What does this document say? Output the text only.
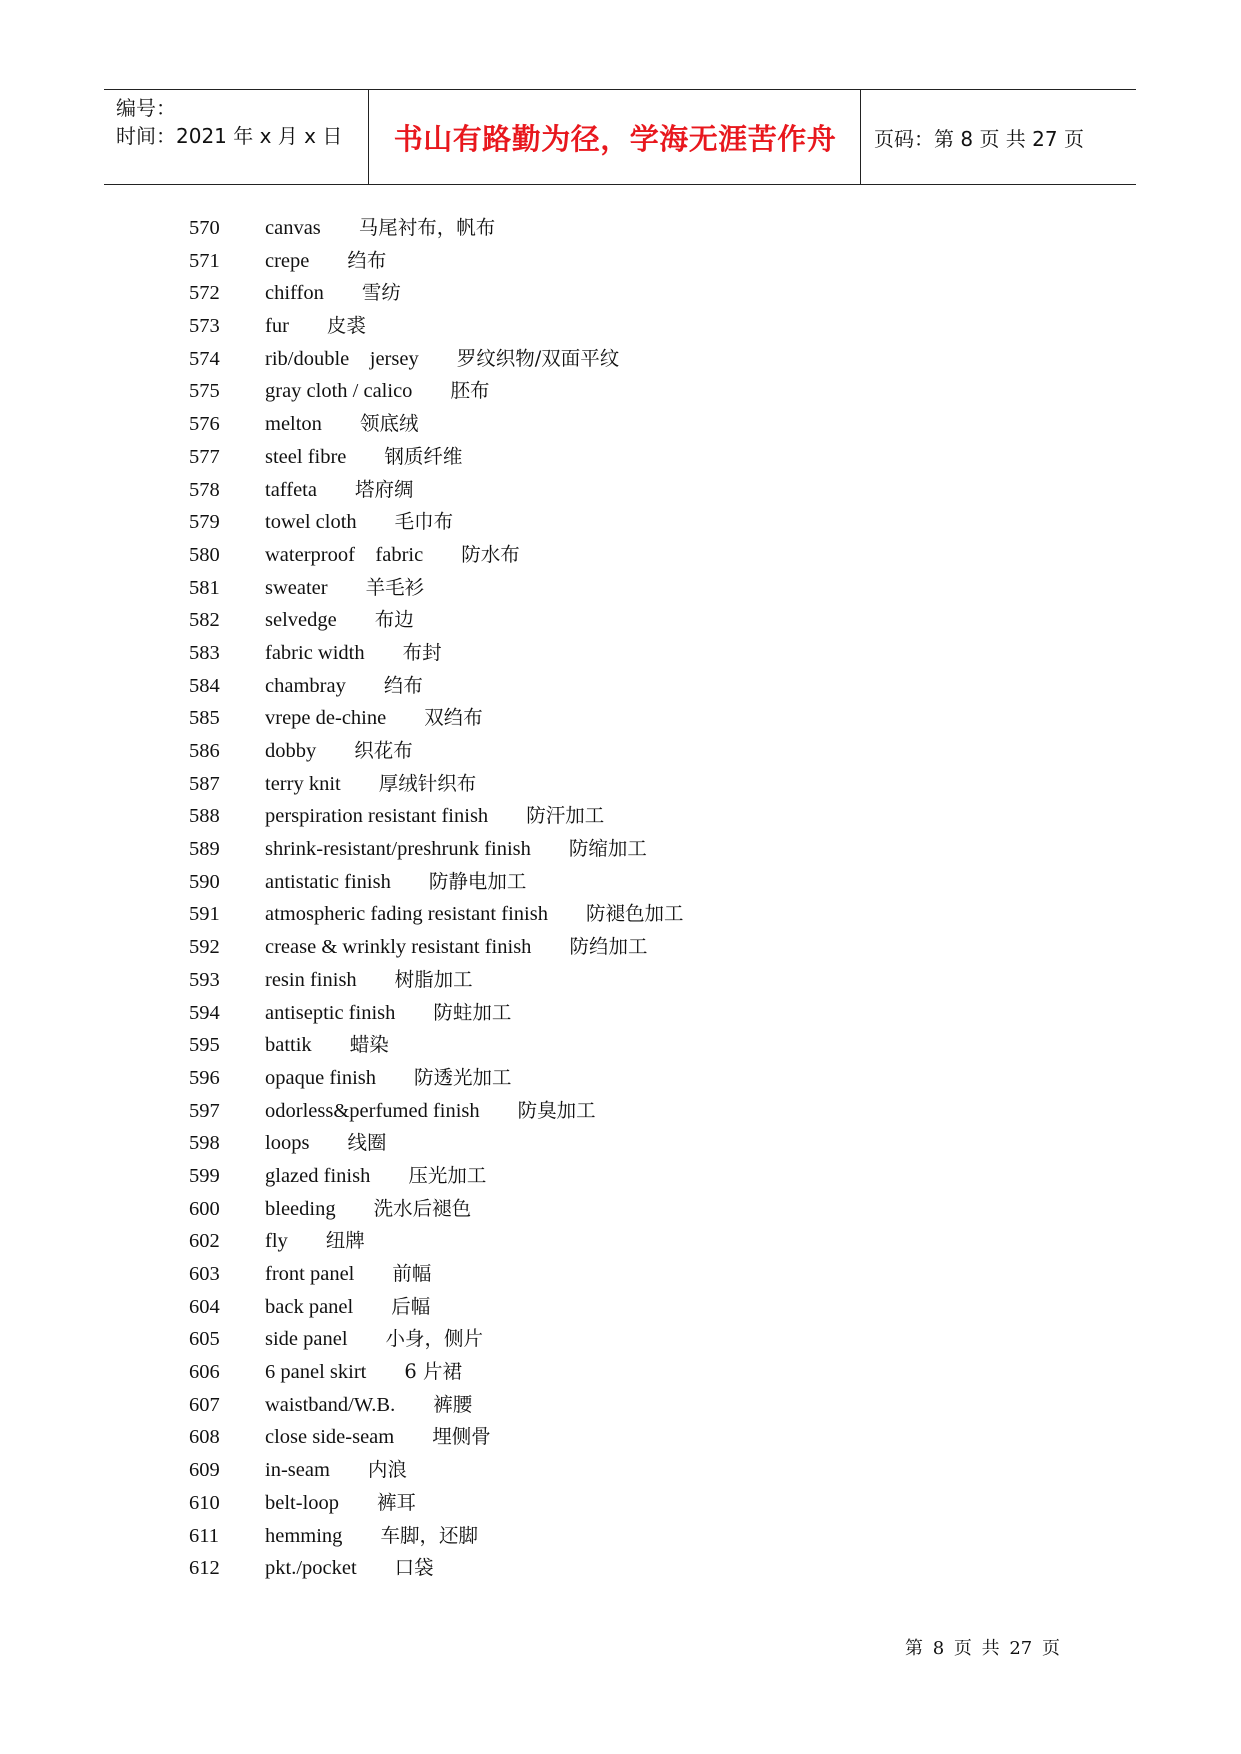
编号：
时间：2021 年 x 月 x 日	书山有路勤为径，学海无涯苦作舟	页码：第 8 页 共 27 页
570	canvas 马尾衬布，帆布
571	crepe 绉布
572	chiffon 雪纺
573	fur 皮裘
574	rib/double    jersey 罗纹织物/双面平纹
575	gray cloth / calico 胚布
576	melton 领底绒
577	steel fibre 钢质纤维
578	taffeta 塔府绸
579	towel cloth 毛巾布
580	waterproof    fabric 防水布
581	sweater 羊毛衫
582	selvedge 布边
583	fabric width 布封
584	chambray 绉布
585	vrepe de-chine 双绉布
586	dobby 织花布
587	terry knit 厚绒针织布
588	perspiration resistant finish 防汗加工
589	shrink-resistant/preshrunk finish 防缩加工
590	antistatic finish 防静电加工
591	atmospheric fading resistant finish 防褪色加工
592	crease & wrinkly resistant finish 防绉加工
593	resin finish 树脂加工
594	antiseptic finish 防蛀加工
595	battik 蜡染
596	opaque finish 防透光加工
597	odorless&perfumed finish 防臭加工
598	loops 线圈
599	glazed finish 压光加工
600	bleeding 洗水后褪色
602	fly 纽牌
603	front panel 前幅
604	back panel 后幅
605	side panel 小身，侧片
606	6 panel skirt 6 片裙
607	waistband/W.B. 裤腰
608	close side-seam 埋侧骨
609	in-seam 内浪
610	belt-loop 裤耳
611	hemming 车脚，还脚
612	pkt./pocket 口袋
第 8 页 共 27 页
